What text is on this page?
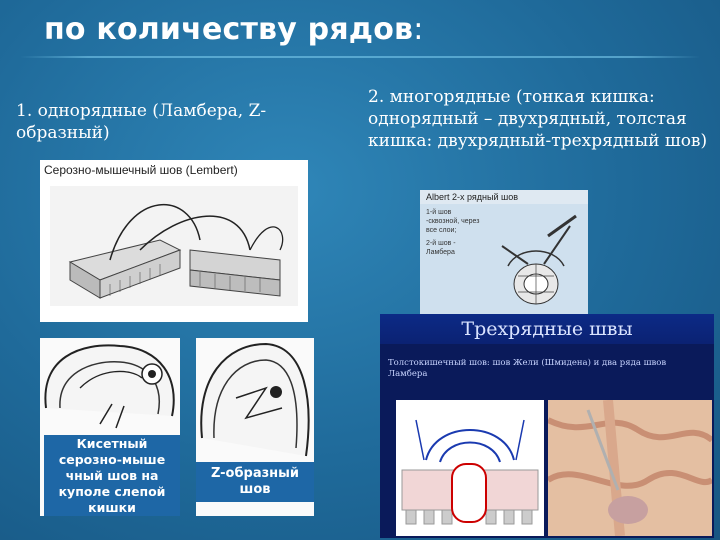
по количеству рядов:
1. однорядные (Ламбера, Z-образный)
2. многорядные (тонкая кишка: однорядный – двухрядный, толстая кишка: двухрядный-трехрядный шов)
Серозно-мышечный шов (Lembert)
Albert 2-х рядный шов
1-й шов -сквозной, через все слои;
2-й шов - Ламбера
Кисетный серозно-мыше чный шов на куполе слепой кишки
Z-образный шов
Трехрядные швы
Толстокишечный шов: шов Жели (Шмидена) и два ряда швов Ламбера
